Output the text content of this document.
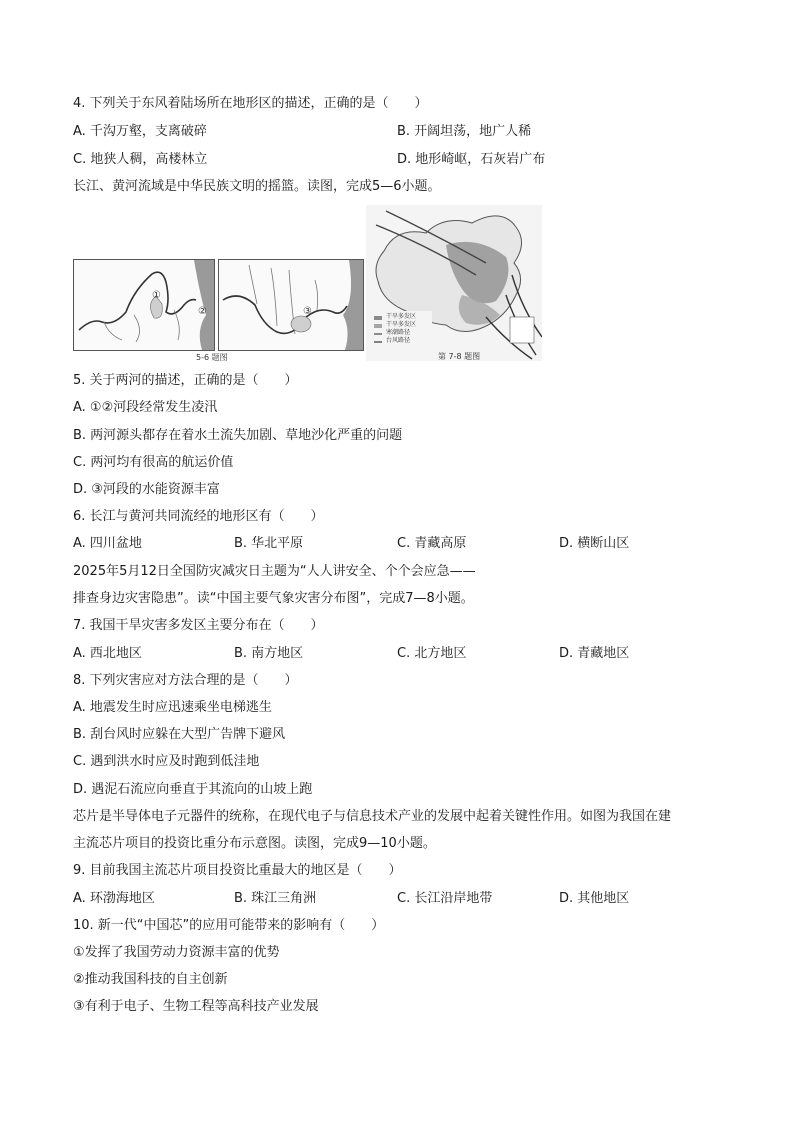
4. 下列关于东风着陆场所在地形区的描述，正确的是（　　）
A. 千沟万壑，支离破碎	B. 开阔坦荡，地广人稀
C. 地狭人稠，高楼林立	D. 地形崎岖，石灰岩广布
长江、黄河流域是中华民族文明的摇篮。读图，完成5—6小题。
①
②	③
5-6 题图
干旱多发区
干旱多发区
寒潮路径
台风路径
第 7-8 题图
5. 关于两河的描述，正确的是（　　）
A. ①②河段经常发生凌汛
B. 两河源头都存在着水土流失加剧、草地沙化严重的问题
C. 两河均有很高的航运价值
D. ③河段的水能资源丰富
6. 长江与黄河共同流经的地形区有（　　）
A. 四川盆地	B. 华北平原	C. 青藏高原	D. 横断山区
2025年5月12日全国防灾减灾日主题为“人人讲安全、个个会应急——
排查身边灾害隐患”。读“中国主要气象灾害分布图”，完成7—8小题。
7. 我国干旱灾害多发区主要分布在（　　）
A. 西北地区	B. 南方地区	C. 北方地区	D. 青藏地区
8. 下列灾害应对方法合理的是（　　）
A. 地震发生时应迅速乘坐电梯逃生
B. 刮台风时应躲在大型广告牌下避风
C. 遇到洪水时应及时跑到低洼地
D. 遇泥石流应向垂直于其流向的山坡上跑
芯片是半导体电子元器件的统称，在现代电子与信息技术产业的发展中起着关键性作用。如图为我国在建
主流芯片项目的投资比重分布示意图。读图，完成9—10小题。
9. 目前我国主流芯片项目投资比重最大的地区是（　　）
A. 环渤海地区	B. 珠江三角洲	C. 长江沿岸地带	D. 其他地区
10. 新一代“中国芯”的应用可能带来的影响有（　　）
①发挥了我国劳动力资源丰富的优势
②推动我国科技的自主创新
③有利于电子、生物工程等高科技产业发展
